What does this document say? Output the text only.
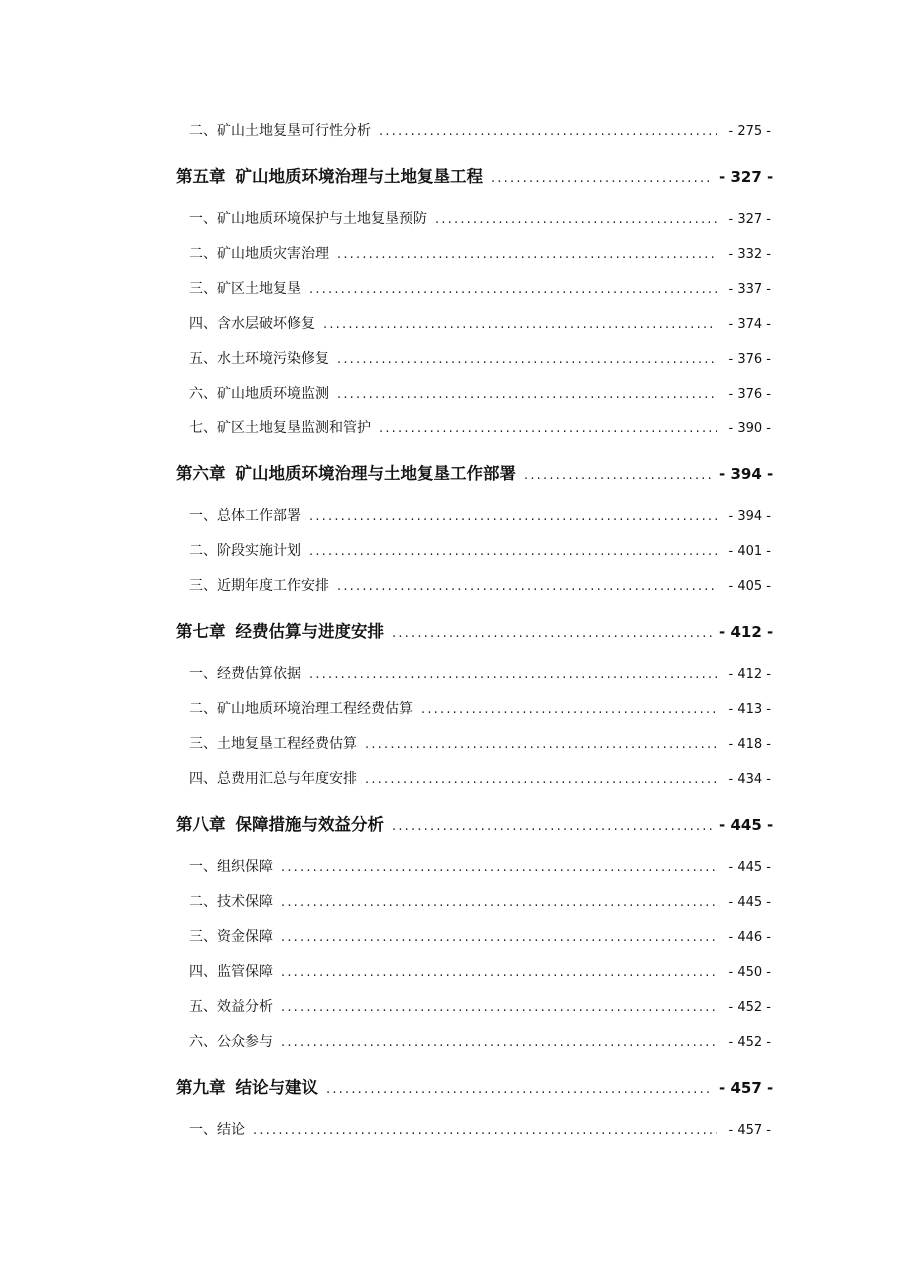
二、矿山土地复垦可行性分析 .....	- 275 -
第五章 矿山地质环境治理与土地复垦工程 .....	- 327 -
一、矿山地质环境保护与土地复垦预防 .....	- 327 -
二、矿山地质灾害治理 .....	- 332 -
三、矿区土地复垦 .....	- 337 -
四、含水层破坏修复 .....	- 374 -
五、水土环境污染修复 .....	- 376 -
六、矿山地质环境监测 .....	- 376 -
七、矿区土地复垦监测和管护 .....	- 390 -
第六章 矿山地质环境治理与土地复垦工作部署 .....	- 394 -
一、总体工作部署 .....	- 394 -
二、阶段实施计划 .....	- 401 -
三、近期年度工作安排 .....	- 405 -
第七章 经费估算与进度安排 .....	- 412 -
一、经费估算依据 .....	- 412 -
二、矿山地质环境治理工程经费估算 .....	- 413 -
三、土地复垦工程经费估算 .....	- 418 -
四、总费用汇总与年度安排 .....	- 434 -
第八章 保障措施与效益分析 .....	- 445 -
一、组织保障 .....	- 445 -
二、技术保障 .....	- 445 -
三、资金保障 .....	- 446 -
四、监管保障 .....	- 450 -
五、效益分析 .....	- 452 -
六、公众参与 .....	- 452 -
第九章 结论与建议 .....	- 457 -
一、结论 .....	- 457 -
